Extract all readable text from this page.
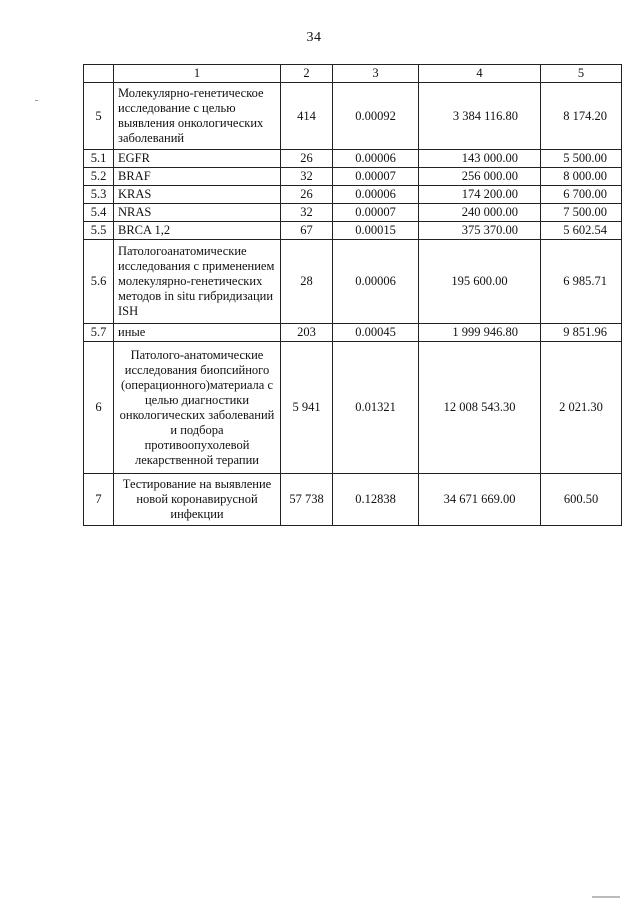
34
	1	2	3	4	5
5	Молекулярно-генетическое исследование с целью выявления онкологических заболеваний	414	0.00092	3 384 116.80	8 174.20
5.1	EGFR	26	0.00006	143 000.00	5 500.00
5.2	BRAF	32	0.00007	256 000.00	8 000.00
5.3	KRAS	26	0.00006	174 200.00	6 700.00
5.4	NRAS	32	0.00007	240 000.00	7 500.00
5.5	BRCA 1,2	67	0.00015	375 370.00	5 602.54
5.6	Патологоанатомические исследования с применением молекулярно-генетических методов in situ гибридизации ISH	28	0.00006	195 600.00	6 985.71
5.7	иные	203	0.00045	1 999 946.80	9 851.96
6	Патолого-анатомические исследования биопсийного (операционного)материала с целью диагностики онкологических заболеваний и подбора противоопухолевой лекарственной терапии	5 941	0.01321	12 008 543.30	2 021.30
7	Тестирование на выявление новой коронавирусной инфекции	57 738	0.12838	34 671 669.00	600.50
